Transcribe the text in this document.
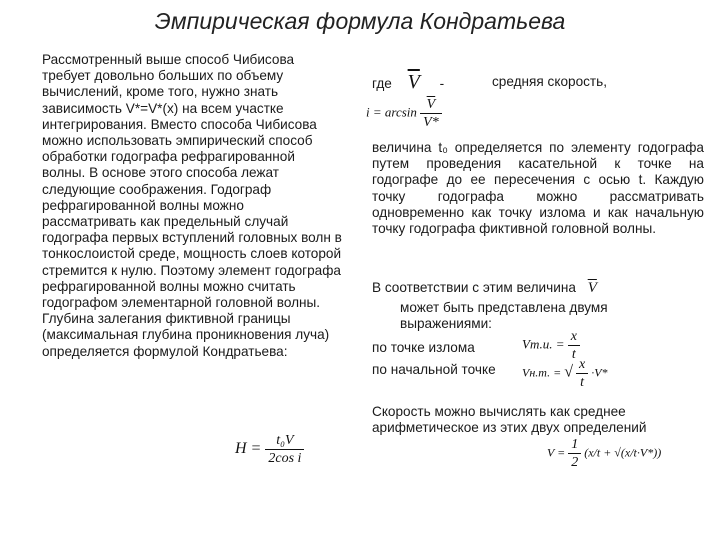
Эмпирическая формула Кондратьева

Рассмотренный выше способ Чибисова требует довольно больших по объему вычислений, кроме того, нужно знать зависимость V*=V*(x) на всем участке интегрирования. Вместо способа Чибисова можно использовать эмпирический способ обработки годографа рефрагированной волны. В основе этого способа лежат следующие соображения. Годограф рефрагированной волны можно рассматривать как предельный случай годографа первых вступлений головных волн в тонкослоистой среде, мощность слоев которой стремится к нулю. Поэтому элемент годографа рефрагированной волны можно считать годографом элементарной головной волны.

Глубина залегания фиктивной границы (максимальная глубина проникновения луча) определяется формулой Кондратьева:

$H = \frac{\text{t₀V}}{\text{2cos i}}$
где $\overline{V}$ -	средняя скорость,
$i = \arcsin \frac{\overline{V}}{V*}$
величина t₀ определяется по элементу годографа путем проведения касательной к точке на годографе до ее пересечения с осью t. Каждую точку годографа можно рассматривать одновременно как точку излома и как начальную точку годографа фиктивной головной волны.
В соответствии с этим величина $\overline{V}$
может быть представлена двумя выражениями:
по точке излома	Vт.и. = $\frac{x}{t}$
по начальной точке Vн.т. = √ $\frac{x}{t} \cdot V*$
Скорость можно вычислять как среднее арифметическое из этих двух определений
$V = \frac{1}{2} (x/t + √(x/t\cdot V*))$
